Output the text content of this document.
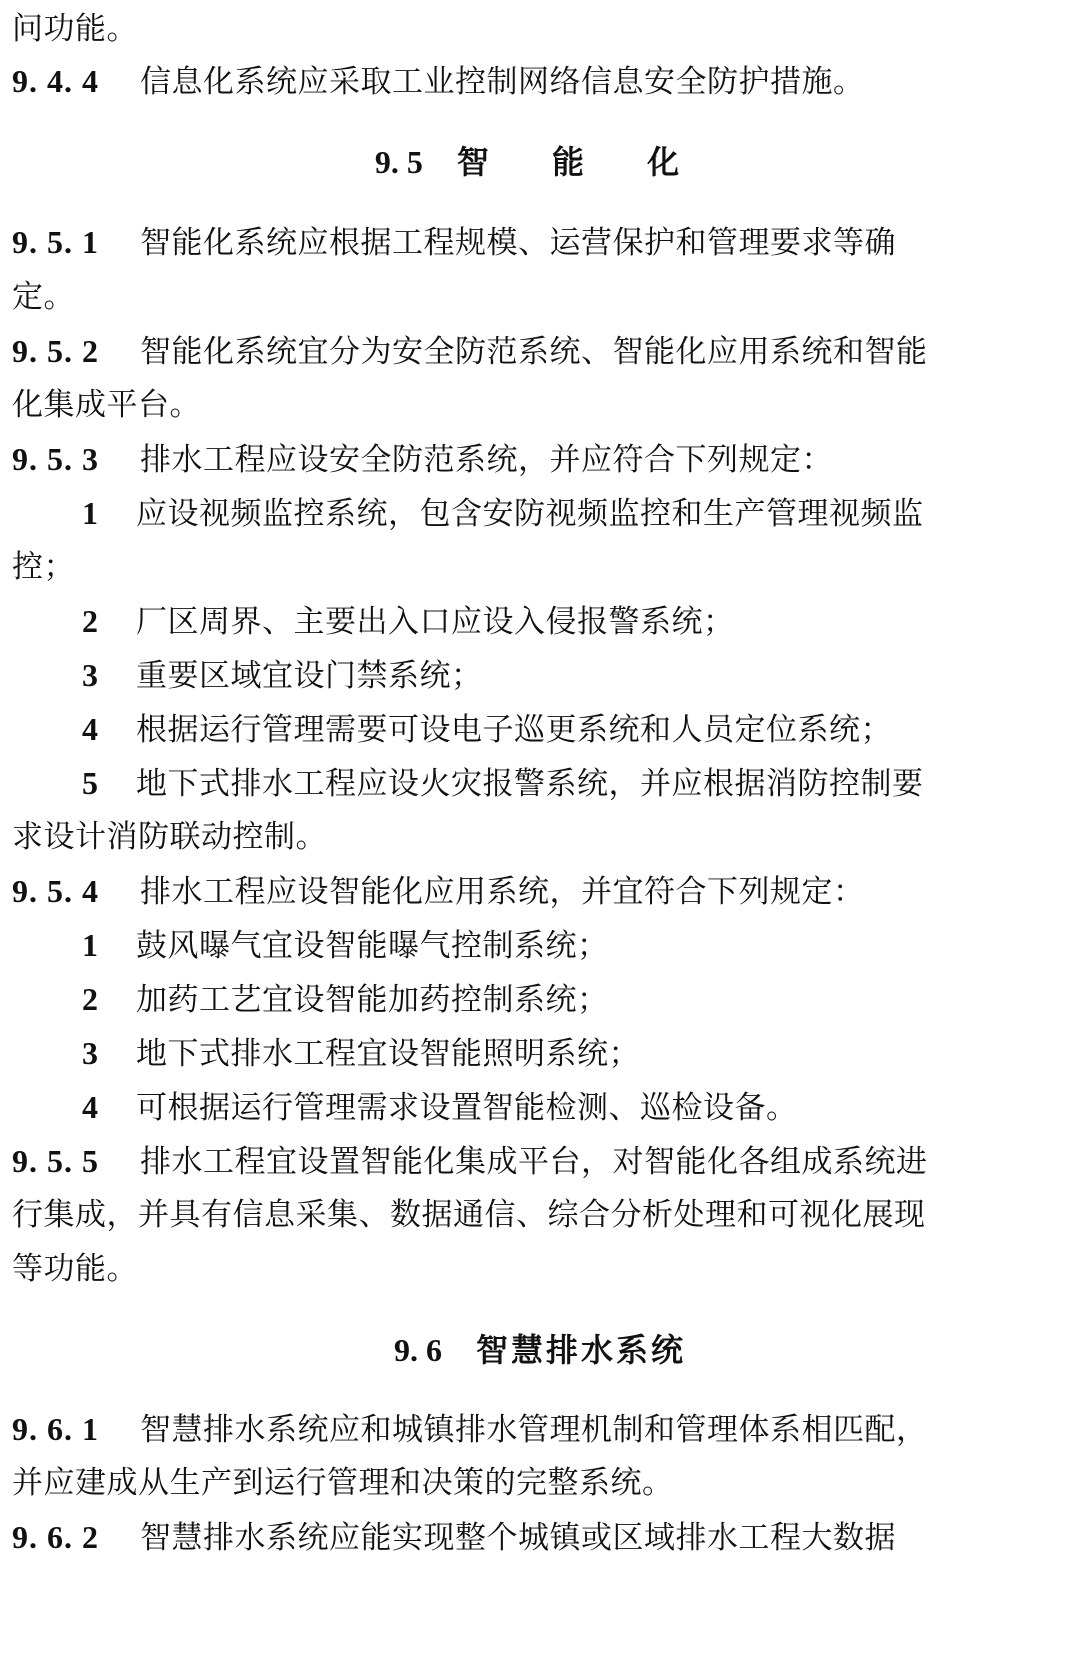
问功能。
9. 4. 4 信息化系统应采取工业控制网络信息安全防护措施。
9. 5 智 能 化
9. 5. 1 智能化系统应根据工程规模、运营保护和管理要求等确
定。
9. 5. 2 智能化系统宜分为安全防范系统、智能化应用系统和智能
化集成平台。
9. 5. 3 排水工程应设安全防范系统，并应符合下列规定：
1 应设视频监控系统，包含安防视频监控和生产管理视频监
控；
2 厂区周界、主要出入口应设入侵报警系统；
3 重要区域宜设门禁系统；
4 根据运行管理需要可设电子巡更系统和人员定位系统；
5 地下式排水工程应设火灾报警系统，并应根据消防控制要
求设计消防联动控制。
9. 5. 4 排水工程应设智能化应用系统，并宜符合下列规定：
1 鼓风曝气宜设智能曝气控制系统；
2 加药工艺宜设智能加药控制系统；
3 地下式排水工程宜设智能照明系统；
4 可根据运行管理需求设置智能检测、巡检设备。
9. 5. 5 排水工程宜设置智能化集成平台，对智能化各组成系统进
行集成，并具有信息采集、数据通信、综合分析处理和可视化展现
等功能。
9. 6 智慧排水系统
9. 6. 1 智慧排水系统应和城镇排水管理机制和管理体系相匹配，
并应建成从生产到运行管理和决策的完整系统。
9. 6. 2 智慧排水系统应能实现整个城镇或区域排水工程大数据
